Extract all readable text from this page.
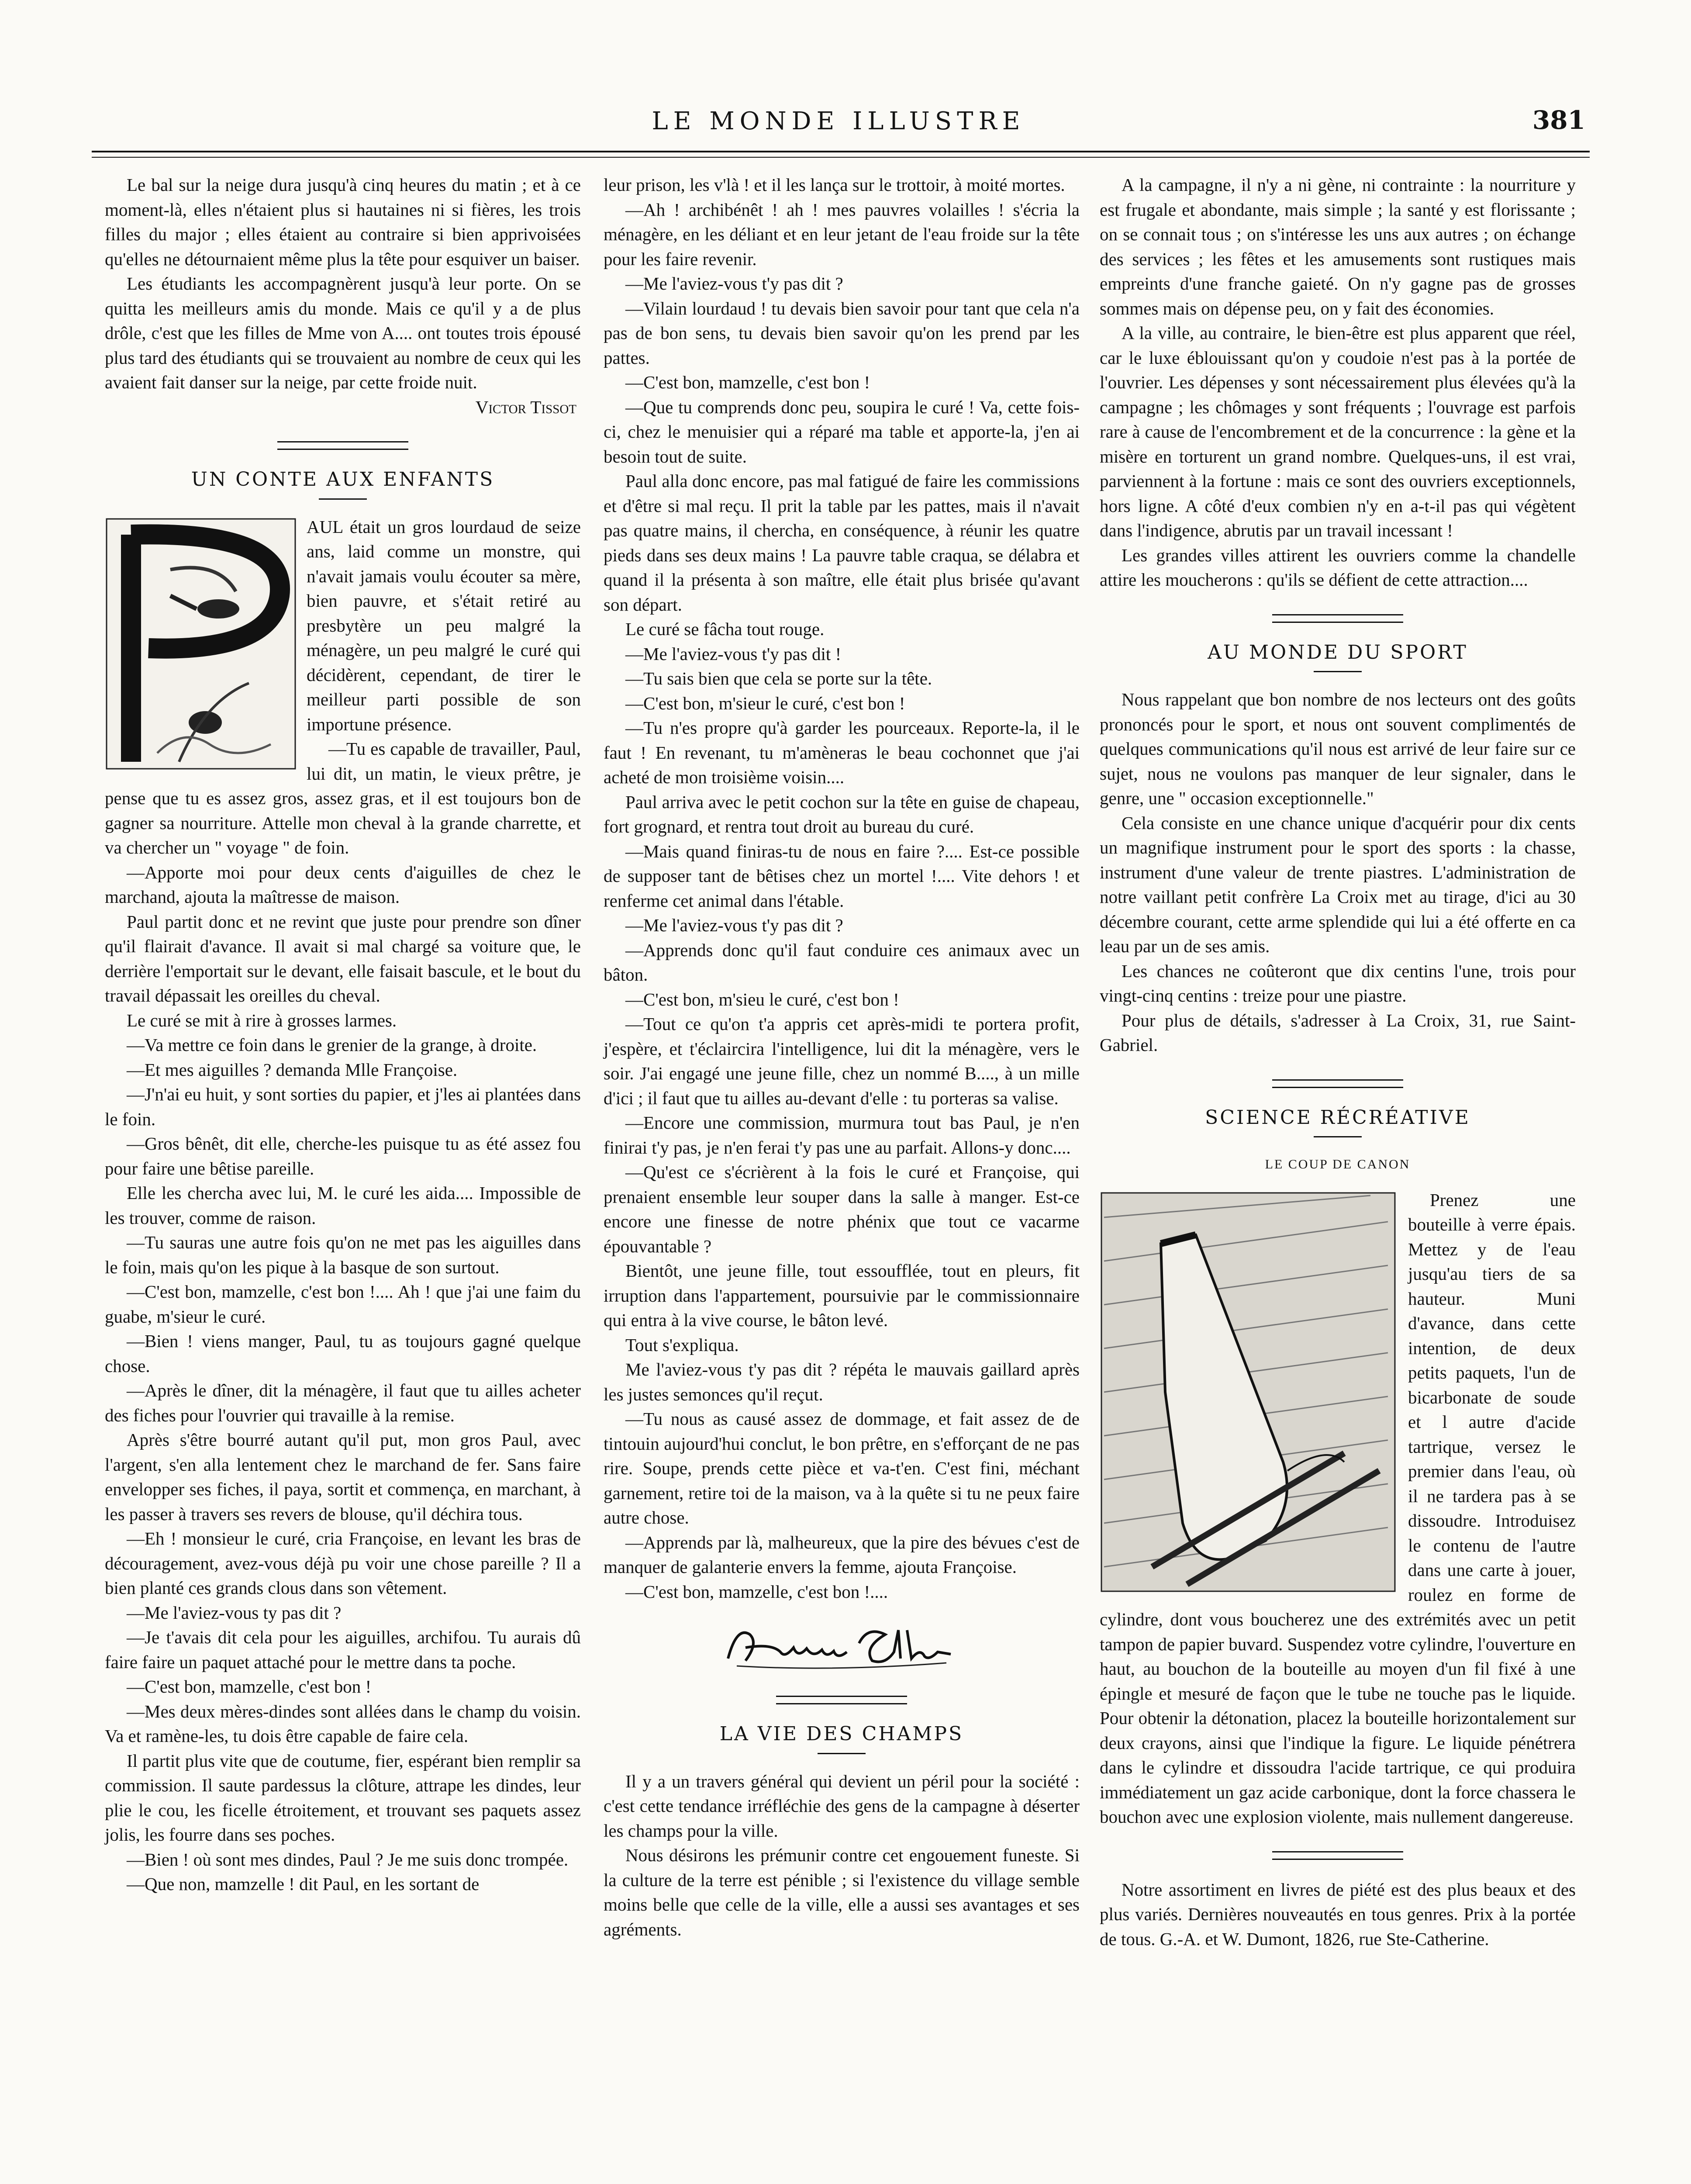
LE MONDE ILLUSTRE	381

Le bal sur la neige dura jusqu'à cinq heures du matin ; et à ce moment-là, elles n'étaient plus si hautaines ni si fières, les trois filles du major ; elles étaient au contraire si bien apprivoisées qu'elles ne détournaient même plus la tête pour esquiver un baiser.

Les étudiants les accompagnèrent jusqu'à leur porte. On se quitta les meilleurs amis du monde. Mais ce qu'il y a de plus drôle, c'est que les filles de Mme von A.... ont toutes trois épousé plus tard des étudiants qui se trouvaient au nombre de ceux qui les avaient fait danser sur la neige, par cette froide nuit.

Victor Tissot

UN CONTE AUX ENFANTS

AUL était un gros lourdaud de seize ans, laid comme un monstre, qui n'avait jamais voulu écouter sa mère, bien pauvre, et s'était retiré au presbytère un peu malgré la ménagère, un peu malgré le curé qui décidèrent, cependant, de tirer le meilleur parti possible de son importune présence.

—Tu es capable de travailler, Paul, lui dit, un matin, le vieux prêtre, je pense que tu es assez gros, assez gras, et il est toujours bon de gagner sa nourriture. Attelle mon cheval à la grande charrette, et va chercher un " voyage " de foin.

—Apporte moi pour deux cents d'aiguilles de chez le marchand, ajouta la maîtresse de maison.

Paul partit donc et ne revint que juste pour prendre son dîner qu'il flairait d'avance. Il avait si mal chargé sa voiture que, le derrière l'emportait sur le devant, elle faisait bascule, et le bout du travail dépassait les oreilles du cheval.

Le curé se mit à rire à grosses larmes.

—Va mettre ce foin dans le grenier de la grange, à droite.

—Et mes aiguilles ? demanda Mlle Françoise.

—J'n'ai eu huit, y sont sorties du papier, et j'les ai plantées dans le foin.

—Gros bênêt, dit elle, cherche-les puisque tu as été assez fou pour faire une bêtise pareille.

Elle les chercha avec lui, M. le curé les aida.... Impossible de les trouver, comme de raison.

—Tu sauras une autre fois qu'on ne met pas les aiguilles dans le foin, mais qu'on les pique à la basque de son surtout.

—C'est bon, mamzelle, c'est bon !.... Ah ! que j'ai une faim du guabe, m'sieur le curé.

—Bien ! viens manger, Paul, tu as toujours gagné quelque chose.

—Après le dîner, dit la ménagère, il faut que tu ailles acheter des fiches pour l'ouvrier qui travaille à la remise.

Après s'être bourré autant qu'il put, mon gros Paul, avec l'argent, s'en alla lentement chez le marchand de fer. Sans faire envelopper ses fiches, il paya, sortit et commença, en marchant, à les passer à travers ses revers de blouse, qu'il déchira tous.

—Eh ! monsieur le curé, cria Françoise, en levant les bras de découragement, avez-vous déjà pu voir une chose pareille ? Il a bien planté ces grands clous dans son vêtement.

—Me l'aviez-vous ty pas dit ?

—Je t'avais dit cela pour les aiguilles, archifou. Tu aurais dû faire faire un paquet attaché pour le mettre dans ta poche.

—C'est bon, mamzelle, c'est bon !

—Mes deux mères-dindes sont allées dans le champ du voisin. Va et ramène-les, tu dois être capable de faire cela.

Il partit plus vite que de coutume, fier, espérant bien remplir sa commission. Il saute pardessus la clôture, attrape les dindes, leur plie le cou, les ficelle étroitement, et trouvant ses paquets assez jolis, les fourre dans ses poches.

—Bien ! où sont mes dindes, Paul ? Je me suis donc trompée.

—Que non, mamzelle ! dit Paul, en les sortant de

leur prison, les v'là ! et il les lança sur le trottoir, à moité mortes.

—Ah ! archibénêt ! ah ! mes pauvres volailles ! s'écria la ménagère, en les déliant et en leur jetant de l'eau froide sur la tête pour les faire revenir.

—Me l'aviez-vous t'y pas dit ?

—Vilain lourdaud ! tu devais bien savoir pour tant que cela n'a pas de bon sens, tu devais bien savoir qu'on les prend par les pattes.

—C'est bon, mamzelle, c'est bon !

—Que tu comprends donc peu, soupira le curé ! Va, cette fois-ci, chez le menuisier qui a réparé ma table et apporte-la, j'en ai besoin tout de suite.

Paul alla donc encore, pas mal fatigué de faire les commissions et d'être si mal reçu. Il prit la table par les pattes, mais il n'avait pas quatre mains, il chercha, en conséquence, à réunir les quatre pieds dans ses deux mains ! La pauvre table craqua, se délabra et quand il la présenta à son maître, elle était plus brisée qu'avant son départ.

Le curé se fâcha tout rouge.

—Me l'aviez-vous t'y pas dit !

—Tu sais bien que cela se porte sur la tête.

—C'est bon, m'sieur le curé, c'est bon !

—Tu n'es propre qu'à garder les pourceaux. Reporte-la, il le faut ! En revenant, tu m'amèneras le beau cochonnet que j'ai acheté de mon troisième voisin....

Paul arriva avec le petit cochon sur la tête en guise de chapeau, fort grognard, et rentra tout droit au bureau du curé.

—Mais quand finiras-tu de nous en faire ?.... Est-ce possible de supposer tant de bêtises chez un mortel !.... Vite dehors ! et renferme cet animal dans l'étable.

—Me l'aviez-vous t'y pas dit ?

—Apprends donc qu'il faut conduire ces animaux avec un bâton.

—C'est bon, m'sieu le curé, c'est bon !

—Tout ce qu'on t'a appris cet après-midi te portera profit, j'espère, et t'éclaircira l'intelligence, lui dit la ménagère, vers le soir. J'ai engagé une jeune fille, chez un nommé B...., à un mille d'ici ; il faut que tu ailles au-devant d'elle : tu porteras sa valise.

—Encore une commission, murmura tout bas Paul, je n'en finirai t'y pas, je n'en ferai t'y pas une au parfait. Allons-y donc....

—Qu'est ce s'écrièrent à la fois le curé et Françoise, qui prenaient ensemble leur souper dans la salle à manger. Est-ce encore une finesse de notre phénix que tout ce vacarme épouvantable ?

Bientôt, une jeune fille, tout essoufflée, tout en pleurs, fit irruption dans l'appartement, poursuivie par le commissionnaire qui entra à la vive course, le bâton levé.

Tout s'expliqua.

Me l'aviez-vous t'y pas dit ? répéta le mauvais gaillard après les justes semonces qu'il reçut.

—Tu nous as causé assez de dommage, et fait assez de de tintouin aujourd'hui conclut, le bon prêtre, en s'efforçant de ne pas rire. Soupe, prends cette pièce et va-t'en. C'est fini, méchant garnement, retire toi de la maison, va à la quête si tu ne peux faire autre chose.

—Apprends par là, malheureux, que la pire des bévues c'est de manquer de galanterie envers la femme, ajouta Françoise.

—C'est bon, mamzelle, c'est bon !....

LA VIE DES CHAMPS

Il y a un travers général qui devient un péril pour la société : c'est cette tendance irréfléchie des gens de la campagne à déserter les champs pour la ville.

Nous désirons les prémunir contre cet engouement funeste. Si la culture de la terre est pénible ; si l'existence du village semble moins belle que celle de la ville, elle a aussi ses avantages et ses agréments.

A la campagne, il n'y a ni gène, ni contrainte : la nourriture y est frugale et abondante, mais simple ; la santé y est florissante ; on se connait tous ; on s'intéresse les uns aux autres ; on échange des services ; les fêtes et les amusements sont rustiques mais empreints d'une franche gaieté. On n'y gagne pas de grosses sommes mais on dépense peu, on y fait des économies.

A la ville, au contraire, le bien-être est plus apparent que réel, car le luxe éblouissant qu'on y coudoie n'est pas à la portée de l'ouvrier. Les dépenses y sont nécessairement plus élevées qu'à la campagne ; les chômages y sont fréquents ; l'ouvrage est parfois rare à cause de l'encombrement et de la concurrence : la gène et la misère en torturent un grand nombre. Quelques-uns, il est vrai, parviennent à la fortune : mais ce sont des ouvriers exceptionnels, hors ligne. A côté d'eux combien n'y en a-t-il pas qui végètent dans l'indigence, abrutis par un travail incessant !

Les grandes villes attirent les ouvriers comme la chandelle attire les moucherons : qu'ils se défient de cette attraction....

AU MONDE DU SPORT

Nous rappelant que bon nombre de nos lecteurs ont des goûts prononcés pour le sport, et nous ont souvent complimentés de quelques communications qu'il nous est arrivé de leur faire sur ce sujet, nous ne voulons pas manquer de leur signaler, dans le genre, une " occasion exceptionnelle."

Cela consiste en une chance unique d'acquérir pour dix cents un magnifique instrument pour le sport des sports : la chasse, instrument d'une valeur de trente piastres. L'administration de notre vaillant petit confrère La Croix met au tirage, d'ici au 30 décembre courant, cette arme splendide qui lui a été offerte en ca leau par un de ses amis.

Les chances ne coûteront que dix centins l'une, trois pour vingt-cinq centins : treize pour une piastre.

Pour plus de détails, s'adresser à La Croix, 31, rue Saint-Gabriel.

SCIENCE RÉCRÉATIVE
LE COUP DE CANON

Prenez une bouteille à verre épais. Mettez y de l'eau jusqu'au tiers de sa hauteur. Muni d'avance, dans cette intention, de deux petits paquets, l'un de bicarbonate de soude et l autre d'acide tartrique, versez le premier dans l'eau, où il ne tardera pas à se dissoudre. Introduisez le contenu de l'autre dans une carte à jouer, roulez en forme de cylindre, dont vous boucherez une des extrémités avec un petit tampon de papier buvard. Suspendez votre cylindre, l'ouverture en haut, au bouchon de la bouteille au moyen d'un fil fixé à une épingle et mesuré de façon que le tube ne touche pas le liquide. Pour obtenir la détonation, placez la bouteille horizontalement sur deux crayons, ainsi que l'indique la figure. Le liquide pénétrera dans le cylindre et dissoudra l'acide tartrique, ce qui produira immédiatement un gaz acide carbonique, dont la force chassera le bouchon avec une explosion violente, mais nullement dangereuse.

Notre assortiment en livres de piété est des plus beaux et des plus variés. Dernières nouveautés en tous genres. Prix à la portée de tous. G.-A. et W. Dumont, 1826, rue Ste-Catherine.
